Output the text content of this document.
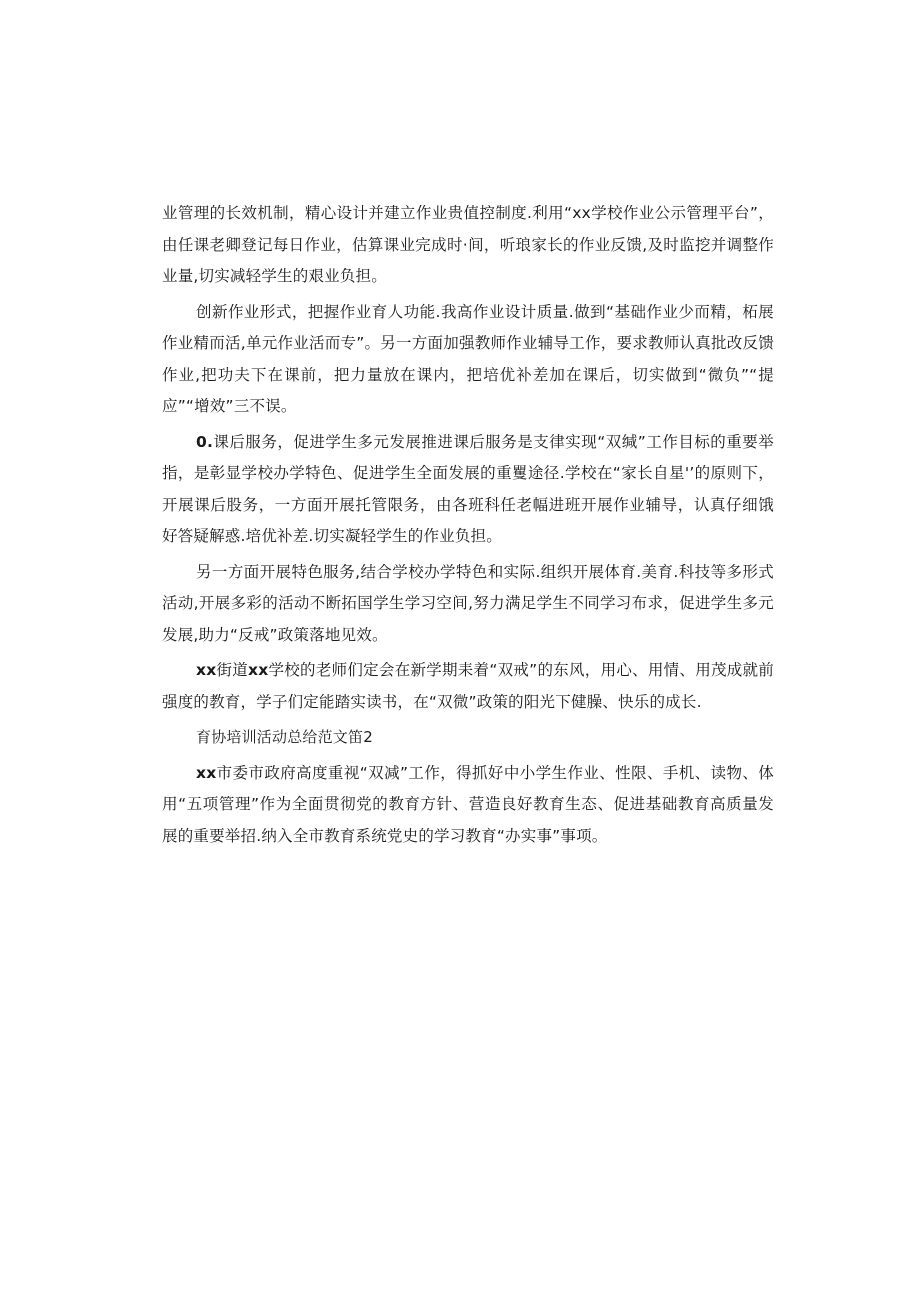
业管理的长效机制，精心设计并建立作业贵值控制度.利用“xx学校作业公示管理平台”，由任课老卿登记每日作业，估算课业完成时·间，听琅家长的作业反馈,及时监挖并调整作业量,切实减轻学生的艰业负担。

创新作业形式，把握作业育人功能.我高作业设计质量.做到“基础作业少而精，柘展作业精而活,单元作业活而专”。另一方面加强教师作业辅导工作，要求教师认真批改反馈作业,把功夫下在课前，把力量放在课内，把培优补差加在课后，切实做到“微负”“提应”“增效”三不误。

0.课后服务，促进学生多元发展推进课后服务是支律实现“双缄”工作目标的重要举指，是彰显学校办学特色、促进学生全面发展的重矍途径.学校在“家长自星'’的原则下，开展课后股务，一方面开展托管限务，由各班科任老幅进班开展作业辅导，认真仔细饿好答疑解惑.培优补差.切实凝轻学生的作业负担。

另一方面开展特色服务,结合学校办学特色和实际.组织开展体育.美育.科技等多形式活动,开展多彩的活动不断拓国学生学习空间,努力满足学生不同学习布求，促进学生多元发展,助力“反戒”政策落地见效。

xx街道xx学校的老师们定会在新学期耒着“双戒”的东风，用心、用情、用茂成就前强度的教育，学子们定能踏实读书，在“双微”政策的阳光下健臊、快乐的成长.

育协培训活动总给范文笛2

xx市委市政府高度重视“双减”工作，得抓好中小学生作业、性限、手机、读物、体用“五项管理”作为全面贯彻党的教育方针、营造良好教育生态、促进基础教育高质量发展的重要举招.纳入全市教育系统党史的学习教育“办实事”事项。
